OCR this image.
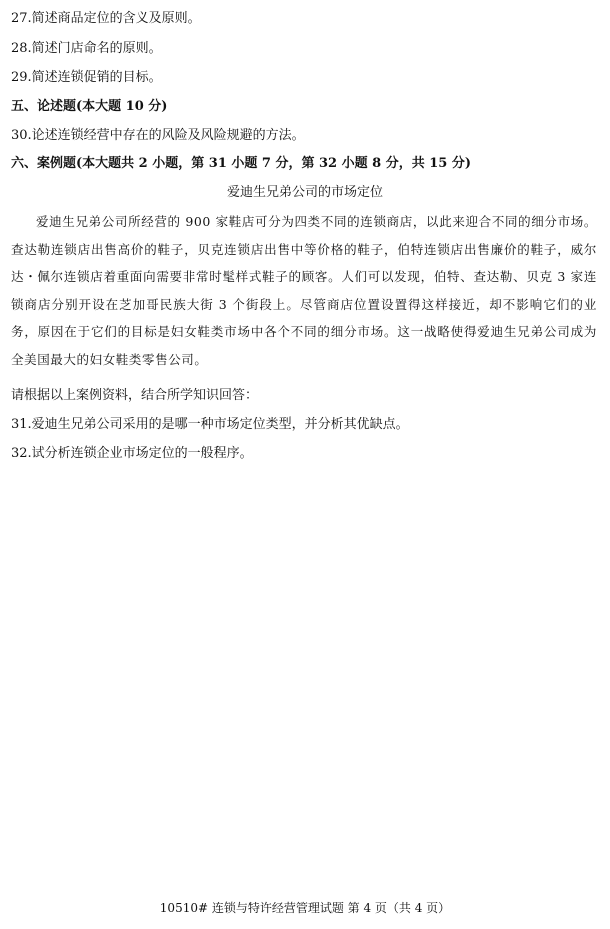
27.简述商品定位的含义及原则。
28.简述门店命名的原则。
29.简述连锁促销的目标。
五、论述题(本大题 10 分)
30.论述连锁经营中存在的风险及风险规避的方法。
六、案例题(本大题共 2 小题，第 31 小题 7 分，第 32 小题 8 分，共 15 分)
爱迪生兄弟公司的市场定位
爱迪生兄弟公司所经营的 900 家鞋店可分为四类不同的连锁商店，以此来迎合不同的细分市场。查达勒连锁店出售高价的鞋子，贝克连锁店出售中等价格的鞋子，伯特连锁店出售廉价的鞋子，威尔达・佩尔连锁店着重面向需要非常时髦样式鞋子的顾客。人们可以发现，伯特、查达勒、贝克 3 家连锁商店分别开设在芝加哥民族大街 3 个街段上。尽管商店位置设置得这样接近，却不影响它们的业务，原因在于它们的目标是妇女鞋类市场中各个不同的细分市场。这一战略使得爱迪生兄弟公司成为全美国最大的妇女鞋类零售公司。
请根据以上案例资料，结合所学知识回答：
31.爱迪生兄弟公司采用的是哪一种市场定位类型，并分析其优缺点。
32.试分析连锁企业市场定位的一般程序。
10510# 连锁与特许经营管理试题 第 4 页（共 4 页）
